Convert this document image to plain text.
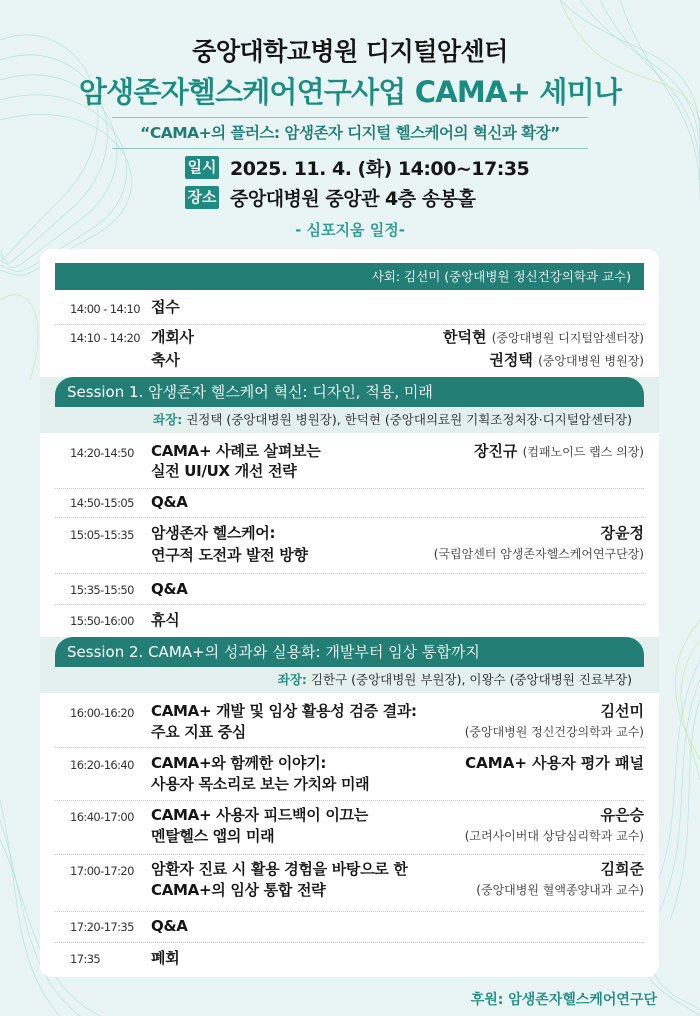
중앙대학교병원 디지털암센터
암생존자헬스케어연구사업 CAMA+ 세미나
“CAMA+의 플러스: 암생존자 디지털 헬스케어의 혁신과 확장”
일시 2025. 11. 4. (화) 14:00~17:35
장소 중앙대병원 중앙관 4층 송봉홀
- 심포지움 일정-
사회: 김선미 (중앙대병원 정신건강의학과 교수)
14:00 - 14:10 접수
14:10 - 14:20 개회사
축사
한덕현 (중앙대병원 디지털암센터장)
권정택 (중앙대병원 병원장)
Session 1. 암생존자 헬스케어 혁신: 디자인, 적용, 미래
좌장: 권정택 (중앙대병원 병원장), 한덕현 (중앙대의료원 기획조정처장·디지털암센터장)
14:20-14:50 CAMA+ 사례로 살펴보는
실전 UI/UX 개선 전략
장진규 (컴패노이드 랩스 의장)
14:50-15:05 Q&A
15:05-15:35 암생존자 헬스케어:
연구적 도전과 발전 방향
장윤정
(국립암센터 암생존자헬스케어연구단장)
15:35-15:50 Q&A
15:50-16:00 휴식
Session 2. CAMA+의 성과와 실용화: 개발부터 임상 통합까지
좌장: 김한구 (중앙대병원 부원장), 이왕수 (중앙대병원 진료부장)
16:00-16:20 CAMA+ 개발 및 임상 활용성 검증 결과:
주요 지표 중심
김선미
(중앙대병원 정신건강의학과 교수)
16:20-16:40 CAMA+와 함께한 이야기:
사용자 목소리로 보는 가치와 미래
CAMA+ 사용자 평가 패널
16:40-17:00 CAMA+ 사용자 피드백이 이끄는
멘탈헬스 앱의 미래
유은승
(고려사이버대 상담심리학과 교수)
17:00-17:20 암환자 진료 시 활용 경험을 바탕으로 한
CAMA+의 임상 통합 전략
김희준
(중앙대병원 혈액종양내과 교수)
17:20-17:35 Q&A
17:35	폐회
후원: 암생존자헬스케어연구단
